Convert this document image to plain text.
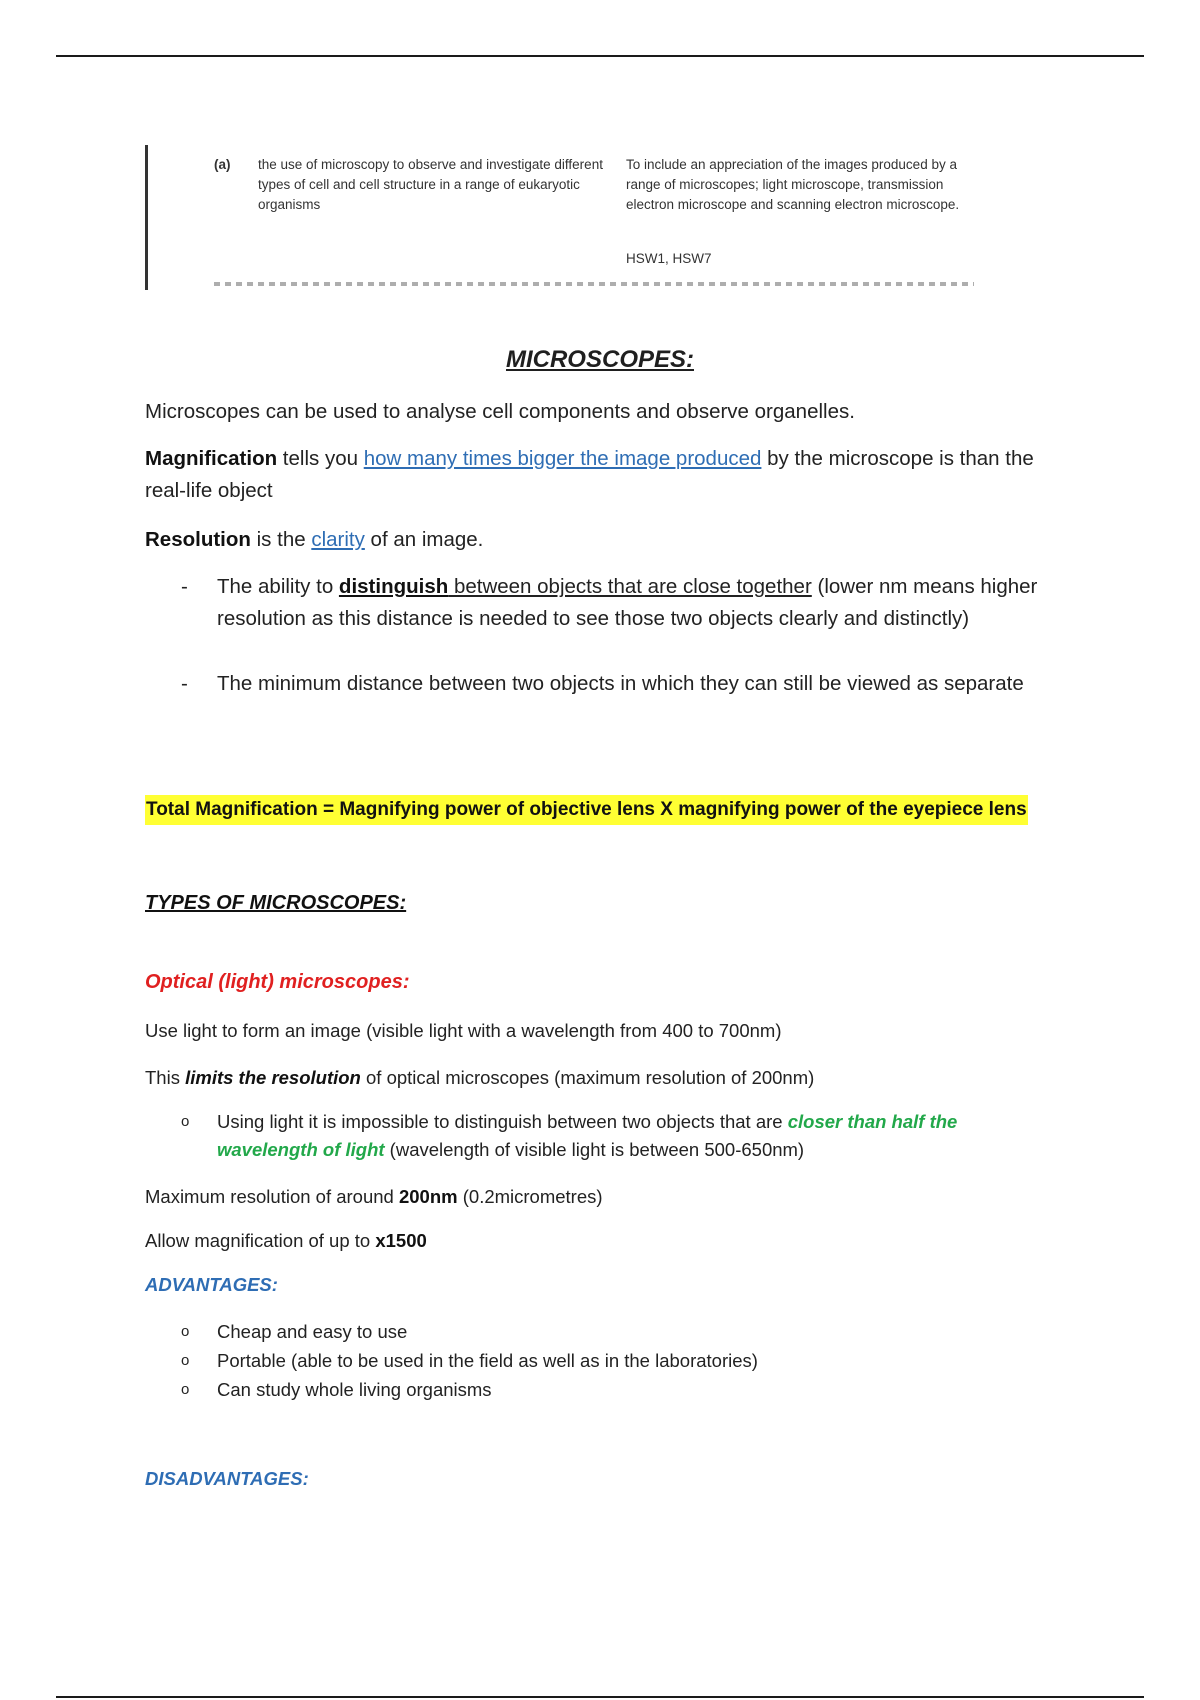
(a) the use of microscopy to observe and investigate different types of cell and cell structure in a range of eukaryotic organisms
To include an appreciation of the images produced by a range of microscopes; light microscope, transmission electron microscope and scanning electron microscope.
HSW1, HSW7
MICROSCOPES:
Microscopes can be used to analyse cell components and observe organelles.
Magnification tells you how many times bigger the image produced by the microscope is than the real-life object
Resolution is the clarity of an image.
- The ability to distinguish between objects that are close together (lower nm means higher resolution as this distance is needed to see those two objects clearly and distinctly)
- The minimum distance between two objects in which they can still be viewed as separate
Total Magnification = Magnifying power of objective lens X magnifying power of the eyepiece lens
TYPES OF MICROSCOPES:
Optical (light) microscopes:
Use light to form an image (visible light with a wavelength from 400 to 700nm)
This limits the resolution of optical microscopes (maximum resolution of 200nm)
o Using light it is impossible to distinguish between two objects that are closer than half the wavelength of light (wavelength of visible light is between 500-650nm)
Maximum resolution of around 200nm (0.2micrometres)
Allow magnification of up to x1500
ADVANTAGES:
o Cheap and easy to use
o Portable (able to be used in the field as well as in the laboratories)
o Can study whole living organisms
DISADVANTAGES:
